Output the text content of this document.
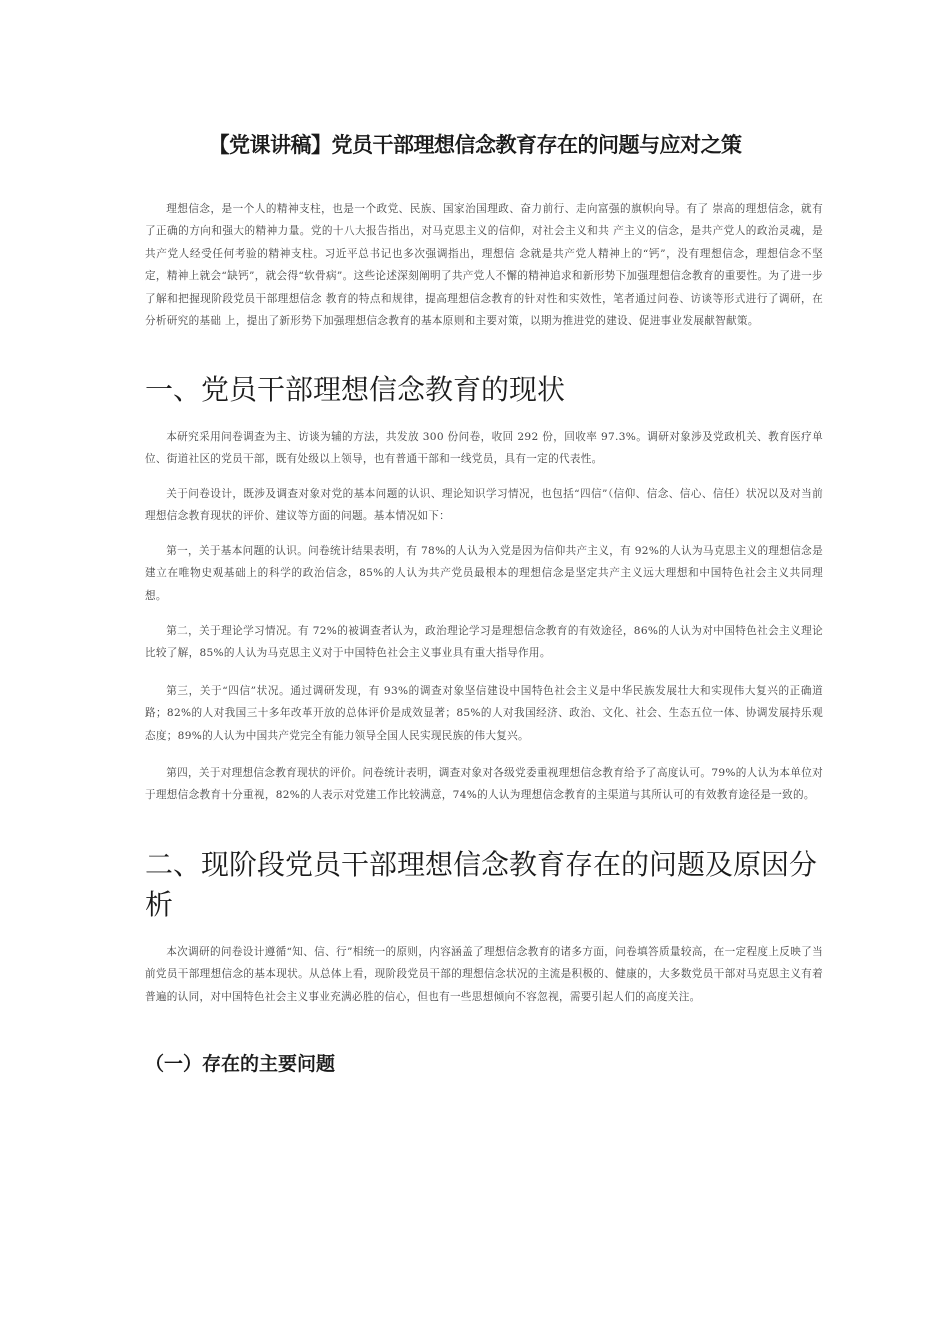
【党课讲稿】党员干部理想信念教育存在的问题与应对之策

理想信念，是一个人的精神支柱，也是一个政党、民族、国家治国理政、奋力前行、走向富强的旗帜向导。有了 崇高的理想信念，就有了正确的方向和强大的精神力量。党的十八大报告指出，对马克思主义的信仰，对社会主义和共 产主义的信念，是共产党人的政治灵魂，是共产党人经受任何考验的精神支柱。习近平总书记也多次强调指出，理想信 念就是共产党人精神上的“钙”，没有理想信念，理想信念不坚定，精神上就会“缺钙”，就会得“软骨病”。这些论述深刻阐明了共产党人不懈的精神追求和新形势下加强理想信念教育的重要性。为了进一步了解和把握现阶段党员干部理想信念 教育的特点和规律，提高理想信念教育的针对性和实效性，笔者通过问卷、访谈等形式进行了调研，在分析研究的基础 上，提出了新形势下加强理想信念教育的基本原则和主要对策，以期为推进党的建设、促进事业发展献智献策。

一、党员干部理想信念教育的现状

本研究采用问卷调查为主、访谈为辅的方法，共发放 300 份问卷，收回 292 份，回收率 97.3%。调研对象涉及党政机关、教育医疗单位、街道社区的党员干部，既有处级以上领导，也有普通干部和一线党员，具有一定的代表性。

关于问卷设计，既涉及调查对象对党的基本问题的认识、理论知识学习情况，也包括“四信”（信仰、信念、信心、信任）状况以及对当前理想信念教育现状的评价、建议等方面的问题。基本情况如下：

第一，关于基本问题的认识。问卷统计结果表明，有 78%的人认为入党是因为信仰共产主义，有 92%的人认为马克思主义的理想信念是建立在唯物史观基础上的科学的政治信念，85%的人认为共产党员最根本的理想信念是坚定共产主义远大理想和中国特色社会主义共同理想。

第二，关于理论学习情况。有 72%的被调查者认为，政治理论学习是理想信念教育的有效途径，86%的人认为对中国特色社会主义理论比较了解，85%的人认为马克思主义对于中国特色社会主义事业具有重大指导作用。

第三，关于“四信”状况。通过调研发现，有 93%的调查对象坚信建设中国特色社会主义是中华民族发展壮大和实现伟大复兴的正确道路；82%的人对我国三十多年改革开放的总体评价是成效显著；85%的人对我国经济、政治、文化、社会、生态五位一体、协调发展持乐观态度；89%的人认为中国共产党完全有能力领导全国人民实现民族的伟大复兴。

第四，关于对理想信念教育现状的评价。问卷统计表明，调查对象对各级党委重视理想信念教育给予了高度认可。79%的人认为本单位对于理想信念教育十分重视，82%的人表示对党建工作比较满意，74%的人认为理想信念教育的主渠道与其所认可的有效教育途径是一致的。

二、现阶段党员干部理想信念教育存在的问题及原因分析

本次调研的问卷设计遵循“知、信、行”相统一的原则，内容涵盖了理想信念教育的诸多方面，问卷填答质量较高，在一定程度上反映了当前党员干部理想信念的基本现状。从总体上看，现阶段党员干部的理想信念状况的主流是积极的、健康的，大多数党员干部对马克思主义有着普遍的认同，对中国特色社会主义事业充满必胜的信心，但也有一些思想倾向不容忽视，需要引起人们的高度关注。

（一）存在的主要问题
